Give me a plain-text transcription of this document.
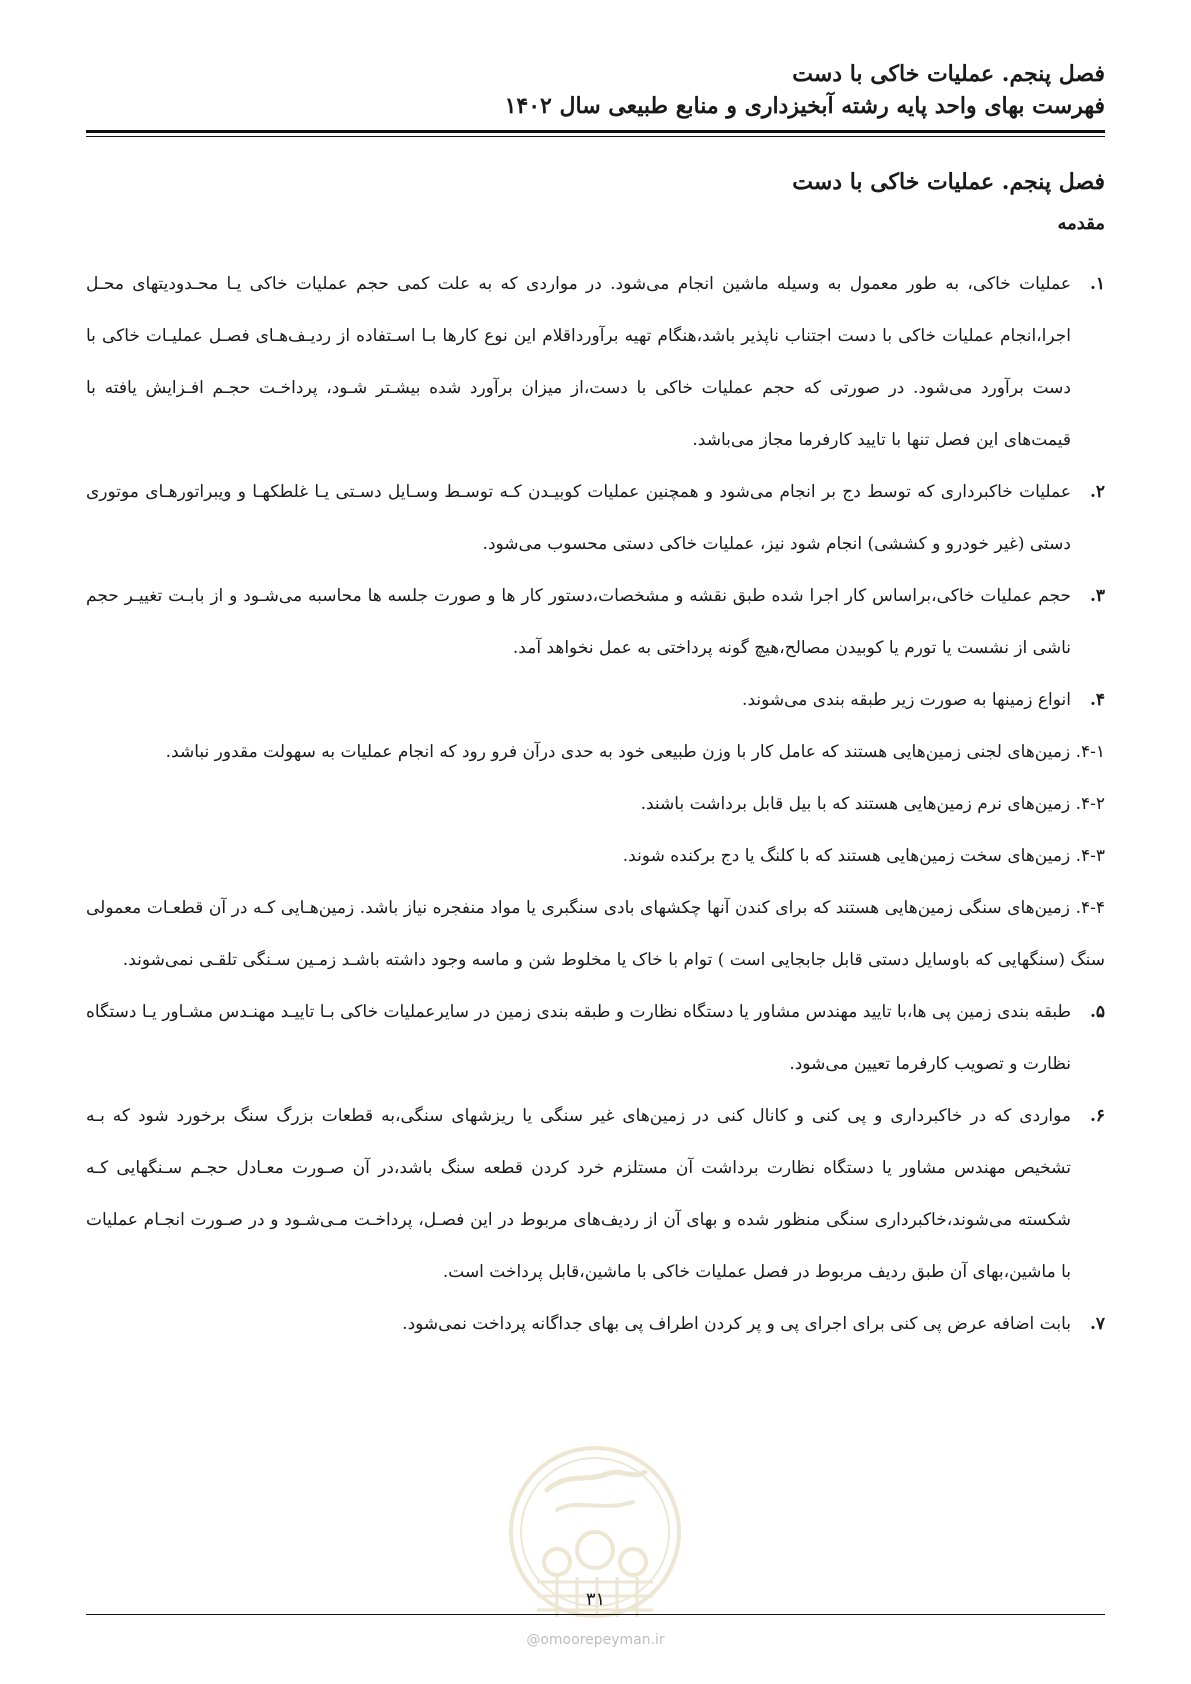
فصل پنجم. عملیات خاکی با دست
فهرست بهای واحد پایه رشته آبخیزداری و منابع طبیعی سال ۱۴۰۲
فصل پنجم. عملیات خاکی با دست
مقدمه
۱.
عملیات خاکی، به طور معمول به وسیله ماشین انجام می‌شود. در مواردی که به علت کمی حجم عملیات خاکی یـا محـدودیتهای محـل اجرا،انجام عملیات خاکی با دست اجتناب ناپذیر باشد،هنگام تهیه برآورداقلام این نوع کارها بـا اسـتفاده از ردیـف‌هـای فصـل عملیـات خاکی با دست برآورد می‌شود. در صورتی که حجم عملیات خاکی با دست،از میزان برآورد شده بیشـتر شـود، پرداخـت حجـم افـزایش یافته با قیمت‌های این فصل تنها با تایید کارفرما مجاز می‌باشد.
۲.
عملیات خاکبرداری که توسط دج بر انجام می‌شود و همچنین عملیات کوبیـدن کـه توسـط وسـایل دسـتی یـا غلطکهـا و ویبراتورهـای موتوری دستی (غیر خودرو و کششی) انجام شود نیز، عملیات خاکی دستی محسوب می‌شود.
۳.
حجم عملیات خاکی،براساس کار اجرا شده طبق نقشه و مشخصات،دستور کار ها و صورت جلسه ها محاسبه می‌شـود و از بابـت تغییـر حجم ناشی از نشست یا تورم یا کوبیدن مصالح،هیچ گونه پرداختی به عمل نخواهد آمد.
۴.
انواع زمینها به صورت زیر طبقه بندی می‌شوند.
۴-۱. زمین‌های لجنی زمین‌هایی هستند که عامل کار با وزن طبیعی خود به حدی درآن فرو رود که انجام عملیات به سهولت مقدور نباشد.
۴-۲. زمین‌های نرم زمین‌هایی هستند که با بیل قابل برداشت باشند.
۴-۳. زمین‌های سخت زمین‌هایی هستند که با کلنگ یا دج برکنده شوند.
۴-۴. زمین‌های سنگی زمین‌هایی هستند که برای کندن آنها چکشهای بادی سنگبری یا مواد منفجره نیاز باشد. زمین‌هـایی کـه در آن قطعـات معمولی سنگ (سنگهایی که باوسایل دستی قابل جابجایی است ) توام با خاک یا مخلوط شن و ماسه وجود داشته باشـد زمـین سـنگی تلقـی نمی‌شوند.
۵.
طبقه بندی زمین پی ها،با تایید مهندس مشاور یا دستگاه نظارت و طبقه بندی زمین در سایرعملیات خاکی بـا تاییـد مهنـدس مشـاور یـا دستگاه نظارت و تصویب کارفرما تعیین می‌شود.
۶.
مواردی که در خاکبرداری و پی کنی و کانال کنی در زمین‌های غیر سنگی یا ریزشهای سنگی،به قطعات بزرگ سنگ برخورد شود که بـه تشخیص مهندس مشاور یا دستگاه نظارت برداشت آن مستلزم خرد کردن قطعه سنگ باشد،در آن صـورت معـادل حجـم سـنگهایی کـه شکسته می‌شوند،خاکبرداری سنگی منظور شده و بهای آن از ردیف‌های مربوط در این فصـل، پرداخـت مـی‌شـود و در صـورت انجـام عملیات با ماشین،بهای آن طبق ردیف مربوط در فصل عملیات خاکی با ماشین،قابل پرداخت است.
۷.
بابت اضافه عرض پی کنی برای اجرای پی و پر کردن اطراف پی بهای جداگانه پرداخت نمی‌شود.
۳۱
@omoorepeyman.ir
